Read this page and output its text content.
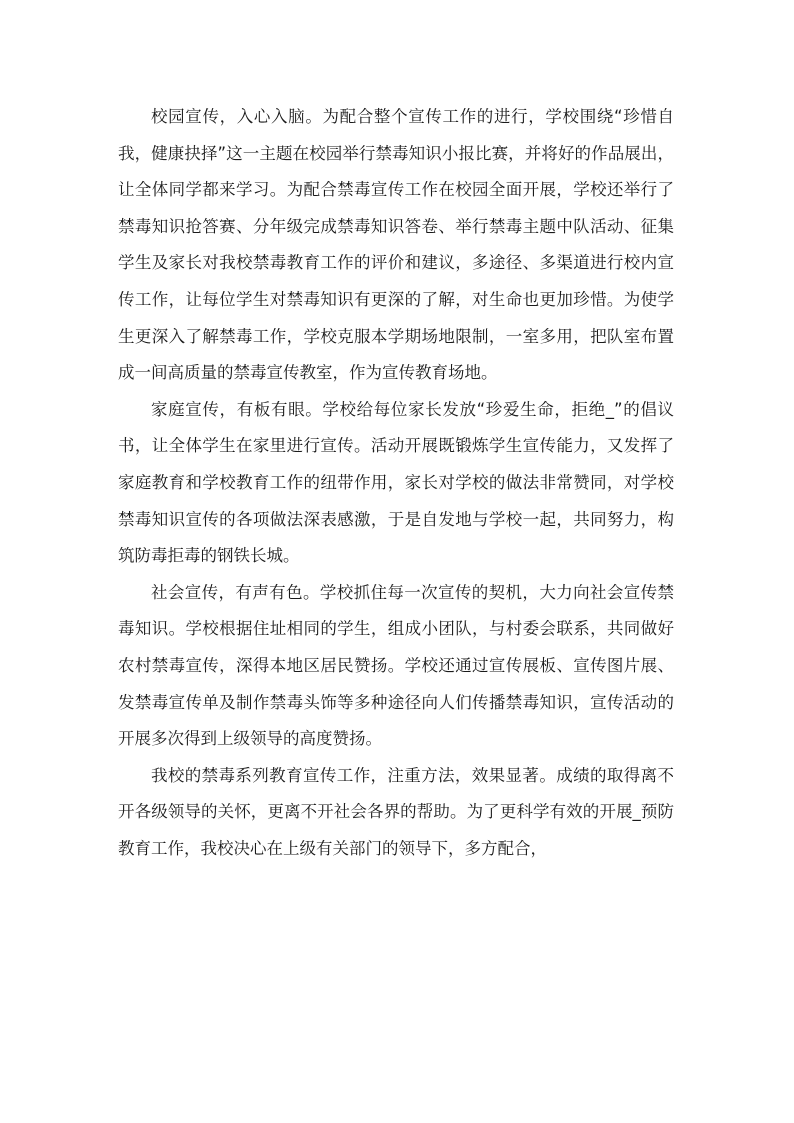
校园宣传，入心入脑。为配合整个宣传工作的进行，学校围绕“珍惜自我，健康抉择”这一主题在校园举行禁毒知识小报比赛，并将好的作品展出，让全体同学都来学习。为配合禁毒宣传工作在校园全面开展，学校还举行了禁毒知识抢答赛、分年级完成禁毒知识答卷、举行禁毒主题中队活动、征集学生及家长对我校禁毒教育工作的评价和建议，多途径、多渠道进行校内宣传工作，让每位学生对禁毒知识有更深的了解，对生命也更加珍惜。为使学生更深入了解禁毒工作，学校克服本学期场地限制，一室多用，把队室布置成一间高质量的禁毒宣传教室，作为宣传教育场地。

家庭宣传，有板有眼。学校给每位家长发放“珍爱生命，拒绝_”的倡议书，让全体学生在家里进行宣传。活动开展既锻炼学生宣传能力，又发挥了家庭教育和学校教育工作的纽带作用，家长对学校的做法非常赞同，对学校禁毒知识宣传的各项做法深表感激，于是自发地与学校一起，共同努力，构筑防毒拒毒的钢铁长城。

社会宣传，有声有色。学校抓住每一次宣传的契机，大力向社会宣传禁毒知识。学校根据住址相同的学生，组成小团队，与村委会联系，共同做好农村禁毒宣传，深得本地区居民赞扬。学校还通过宣传展板、宣传图片展、发禁毒宣传单及制作禁毒头饰等多种途径向人们传播禁毒知识，宣传活动的开展多次得到上级领导的高度赞扬。

我校的禁毒系列教育宣传工作，注重方法，效果显著。成绩的取得离不开各级领导的关怀，更离不开社会各界的帮助。为了更科学有效的开展_预防教育工作，我校决心在上级有关部门的领导下，多方配合，
